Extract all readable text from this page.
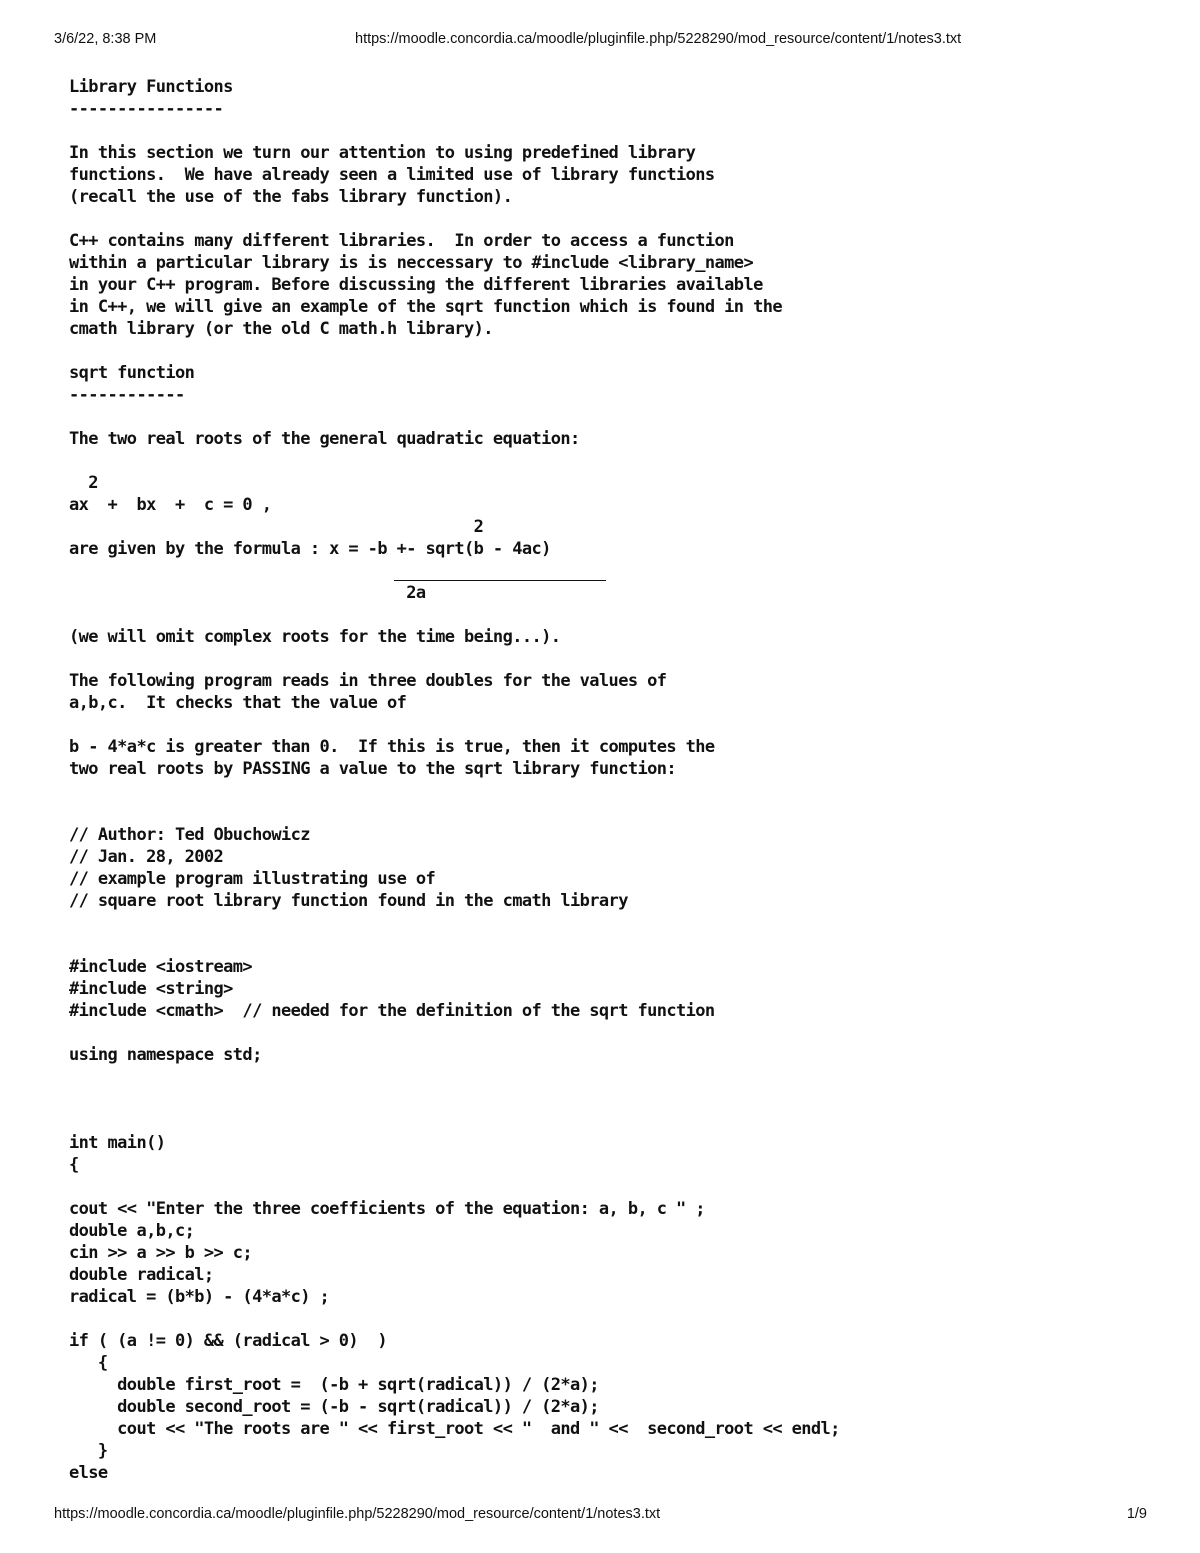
3/6/22, 8:38 PM	https://moodle.concordia.ca/moodle/pluginfile.php/5228290/mod_resource/content/1/notes3.txt
Library Functions
----------------
In this section we turn our attention to using predefined library
functions.  We have already seen a limited use of library functions
(recall the use of the fabs library function).
C++ contains many different libraries.  In order to access a function
within a particular library is is neccessary to #include <library_name>
in your C++ program. Before discussing the different libraries available
in C++, we will give an example of the sqrt function which is found in the
cmath library (or the old C math.h library).
sqrt function
------------
The two real roots of the general quadratic equation:
2
ax  +  bx  +  c = 0 ,
2
are given by the formula : x = -b +- sqrt(b - 4ac)
2a
(we will omit complex roots for the time being...).
The following program reads in three doubles for the values of
a,b,c.  It checks that the value of
b - 4*a*c is greater than 0.  If this is true, then it computes the
two real roots by PASSING a value to the sqrt library function:
// Author: Ted Obuchowicz
// Jan. 28, 2002
// example program illustrating use of
// square root library function found in the cmath library
#include <iostream>
#include <string>
#include <cmath>  // needed for the definition of the sqrt function
using namespace std;
int main()
{
cout << "Enter the three coefficients of the equation: a, b, c " ;
double a,b,c;
cin >> a >> b >> c;
double radical;
radical = (b*b) - (4*a*c) ;
if ( (a != 0) && (radical > 0)  )
{
double first_root =  (-b + sqrt(radical)) / (2*a);
double second_root = (-b - sqrt(radical)) / (2*a);
cout << "The roots are " << first_root << "  and " <<  second_root << endl;
}
else
https://moodle.concordia.ca/moodle/pluginfile.php/5228290/mod_resource/content/1/notes3.txt	1/9
